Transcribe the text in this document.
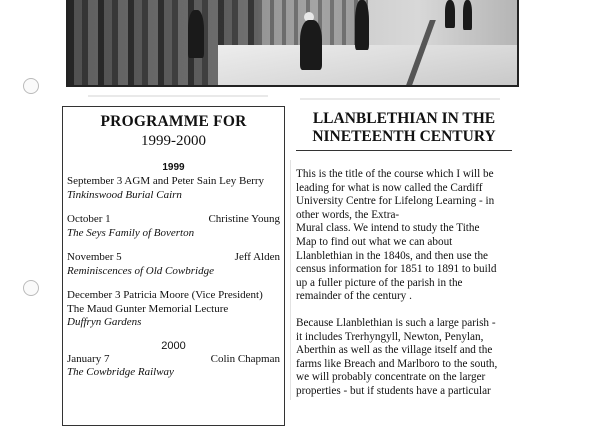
PROGRAMME FOR
1999-2000
1999
September 3 AGM and Peter Sain Ley Berry
Tinkinswood Burial Cairn
October 1	Christine Young
The Seys Family of Boverton
November 5	Jeff Alden
Reminiscences of Old Cowbridge
December 3 Patricia Moore (Vice President)
The Maud Gunter Memorial Lecture
Duffryn Gardens
2000
January 7	Colin Chapman
The Cowbridge Railway
LLANBLETHIAN IN THE
NINETEENTH CENTURY

This is the title of the course which I will be
leading for what is now called the Cardiff
University Centre for Lifelong Learning - in
other words, the Extra-
Mural class. We intend to study the Tithe
Map to find out what we can about
Llanblethian in the 1840s, and then use the
census information for 1851 to 1891 to build
up a fuller picture of the parish in the
remainder of the century .

Because Llanblethian is such a large parish -
it includes Trerhyngyll, Newton, Penylan,
Aberthin as well as the village itself and the
farms like Breach and Marlboro to the south,
we will probably concentrate on the larger
properties - but if students have a particular
